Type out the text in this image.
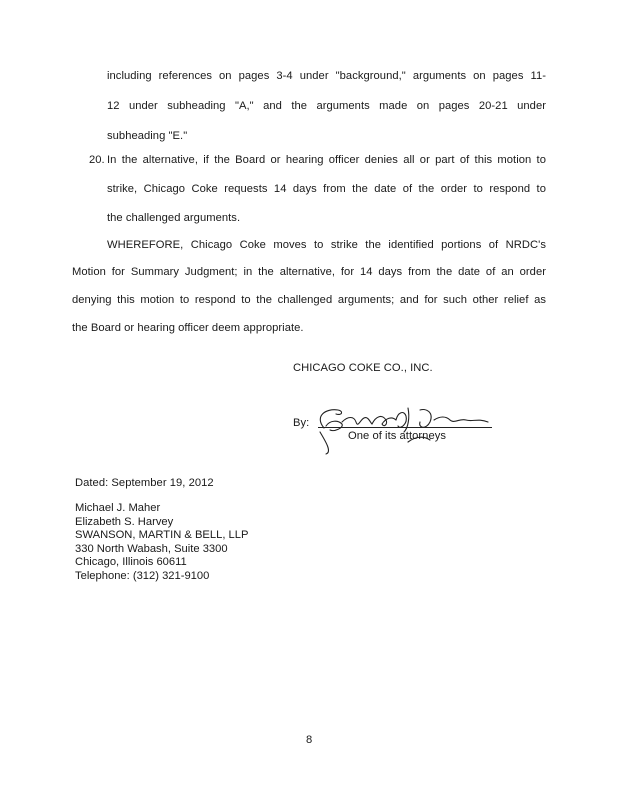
including references on pages 3-4 under "background," arguments on pages 11-
12 under subheading "A," and the arguments made on pages 20-21 under
subheading "E."
20. In the alternative, if the Board or hearing officer denies all or part of this motion to
strike, Chicago Coke requests 14 days from the date of the order to respond to
the challenged arguments.
WHEREFORE, Chicago Coke moves to strike the identified portions of NRDC's
Motion for Summary Judgment; in the alternative, for 14 days from the date of an order
denying this motion to respond to the challenged arguments; and for such other relief as
the Board or hearing officer deem appropriate.
CHICAGO COKE CO., INC.
By:
One of its attorneys
Dated: September 19, 2012
Michael J. Maher
Elizabeth S. Harvey
SWANSON, MARTIN & BELL, LLP
330 North Wabash, Suite 3300
Chicago, Illinois 60611
Telephone: (312) 321-9100
8
